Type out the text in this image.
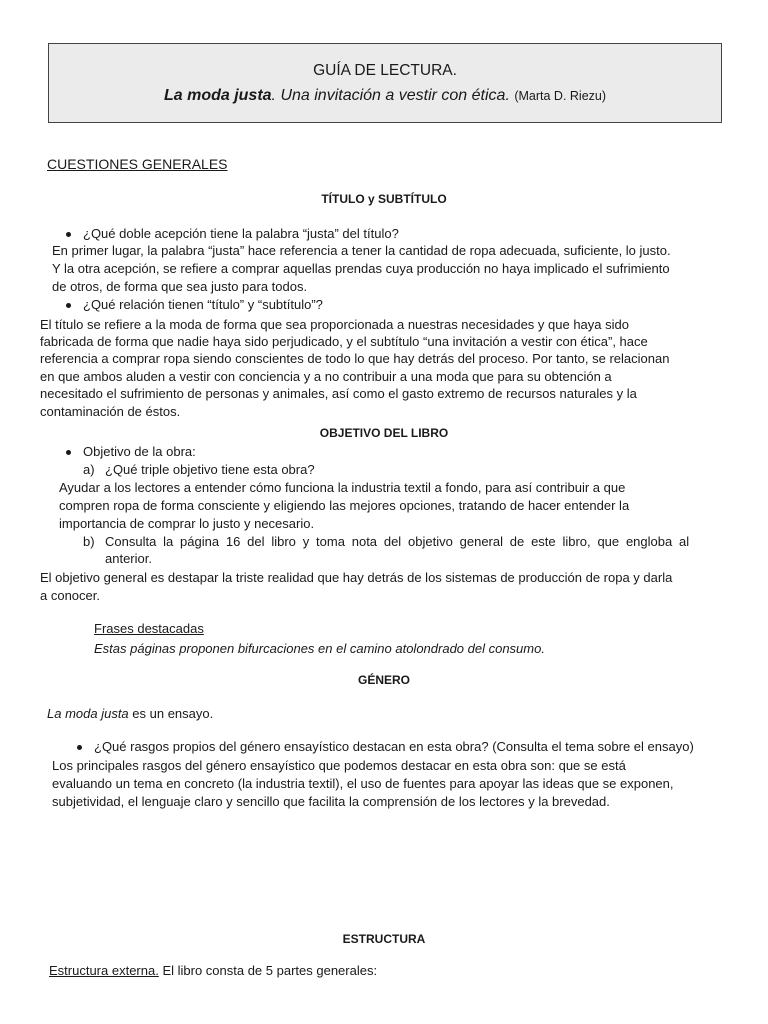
GUÍA DE LECTURA.
La moda justa. Una invitación a vestir con ética. (Marta D. Riezu)
CUESTIONES GENERALES
TÍTULO y SUBTÍTULO
¿Qué doble acepción tiene la palabra “justa” del título?
En primer lugar, la palabra “justa” hace referencia a tener la cantidad de ropa adecuada, suficiente, lo justo.
Y la otra acepción, se refiere a comprar aquellas prendas cuya producción no haya implicado el sufrimiento
de otros, de forma que sea justo para todos.
¿Qué relación tienen “título” y “subtítulo”?
El título se refiere a la moda de forma que sea proporcionada a nuestras necesidades y que haya sido
fabricada de forma que nadie haya sido perjudicado, y el subtítulo “una invitación a vestir con ética”, hace
referencia a comprar ropa siendo conscientes de todo lo que hay detrás del proceso. Por tanto, se relacionan
en que ambos aluden a vestir con conciencia y a no contribuir a una moda que para su obtención a
necesitado el sufrimiento de personas y animales, así como el gasto extremo de recursos naturales y la
contaminación de éstos.
OBJETIVO DEL LIBRO
Objetivo de la obra:
a) ¿Qué triple objetivo tiene esta obra?
Ayudar a los lectores a entender cómo funciona la industria textil a fondo, para así contribuir a que
compren ropa de forma consciente y eligiendo las mejores opciones, tratando de hacer entender la
importancia de comprar lo justo y necesario.
b) Consulta la página 16 del libro y toma nota del objetivo general de este libro, que engloba al
anterior.
El objetivo general es destapar la triste realidad que hay detrás de los sistemas de producción de ropa y darla
a conocer.
Frases destacadas
Estas páginas proponen bifurcaciones en el camino atolondrado del consumo.
GÉNERO
La moda justa es un ensayo.
¿Qué rasgos propios del género ensayístico destacan en esta obra? (Consulta el tema sobre el ensayo)
Los principales rasgos del género ensayístico que podemos destacar en esta obra son: que se está
evaluando un tema en concreto (la industria textil), el uso de fuentes para apoyar las ideas que se exponen,
subjetividad, el lenguaje claro y sencillo que facilita la comprensión de los lectores y la brevedad.
ESTRUCTURA
Estructura externa. El libro consta de 5 partes generales:
